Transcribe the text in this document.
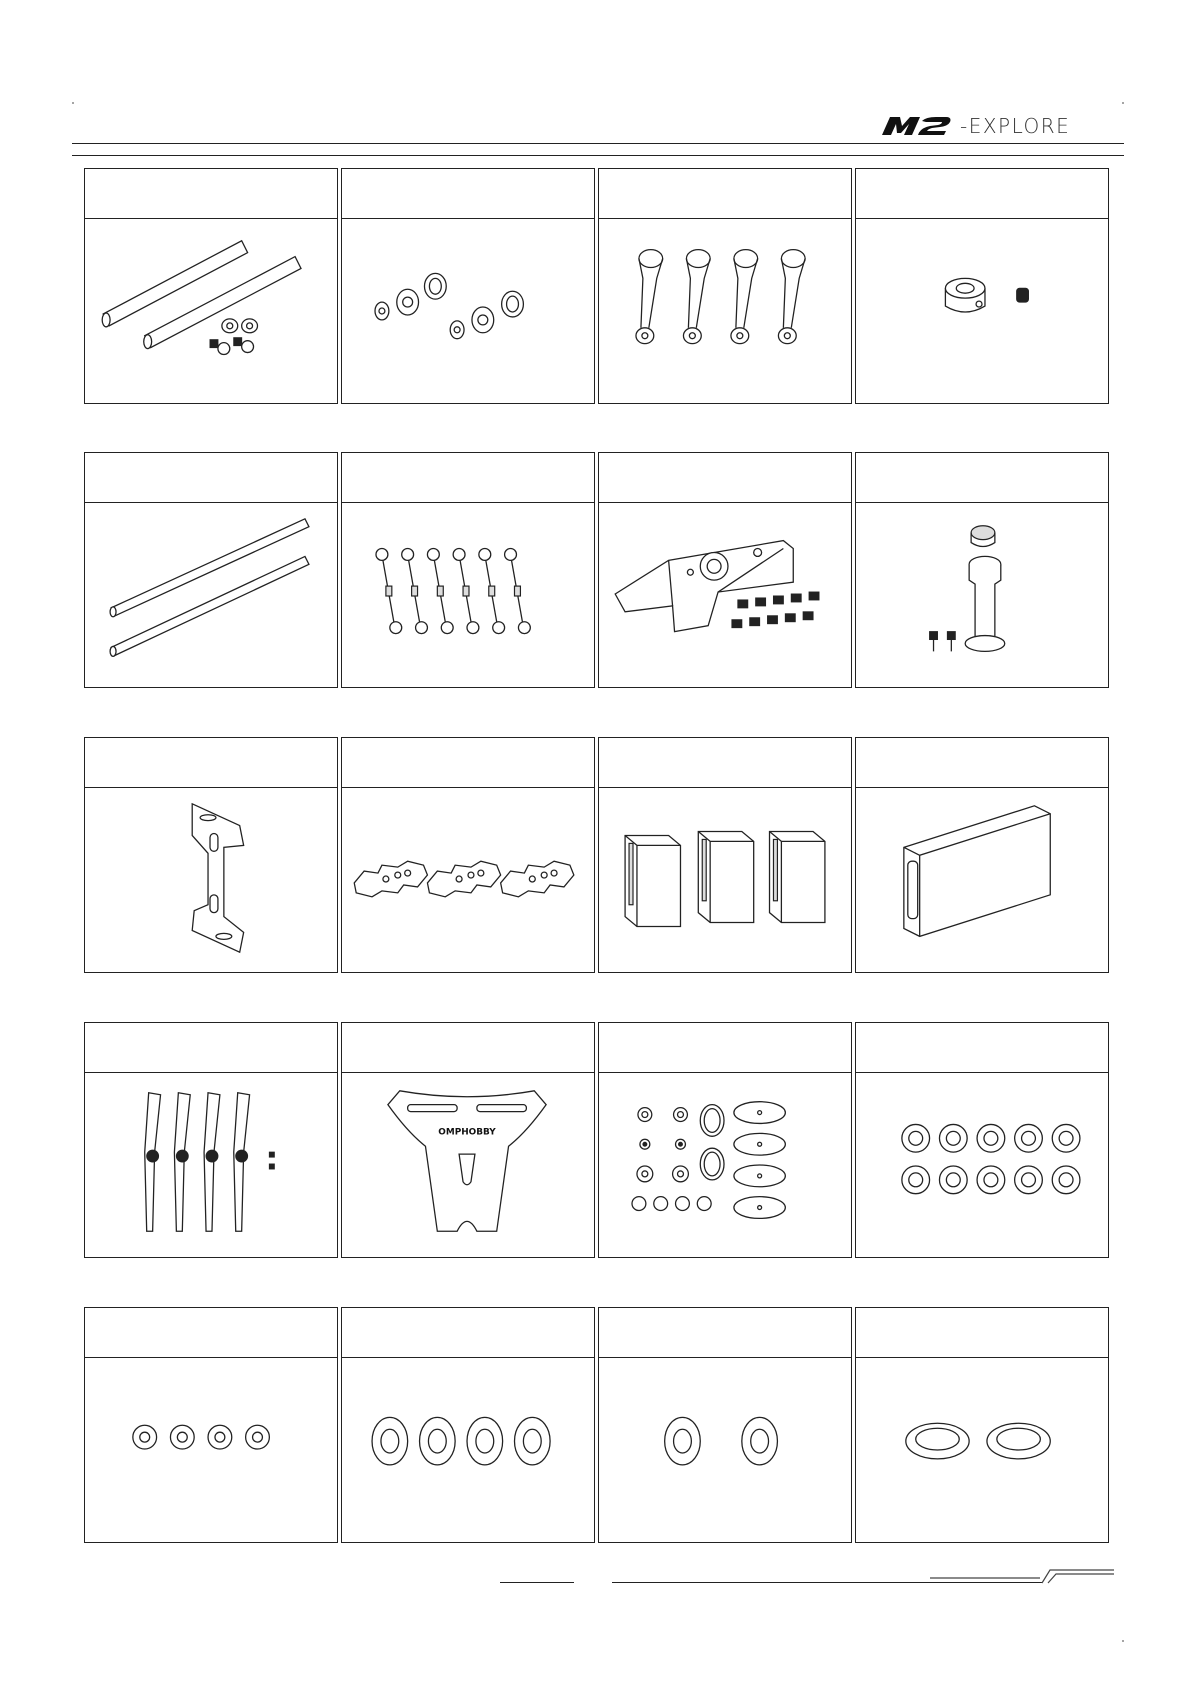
-EXPLORE
OMPHOBBY
